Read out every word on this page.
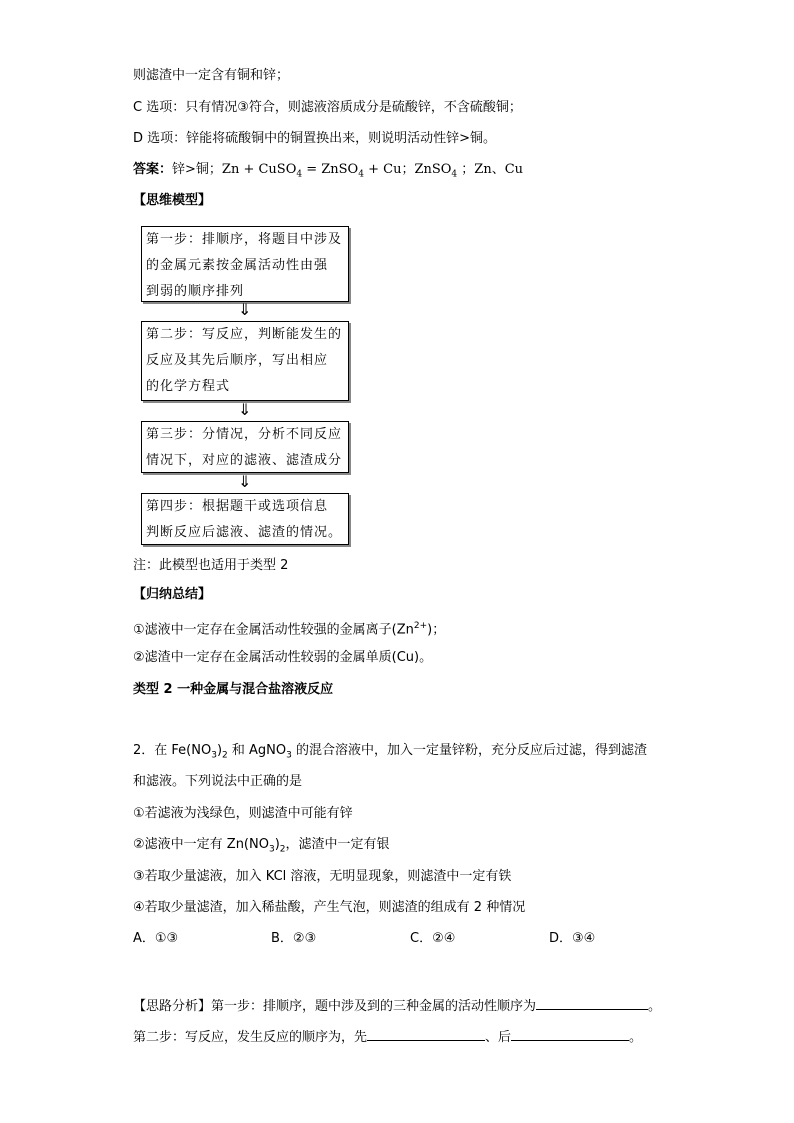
则滤渣中一定含有铜和锌；
C 选项：只有情况③符合，则滤液溶质成分是硫酸锌，不含硫酸铜；
D 选项：锌能将硫酸铜中的铜置换出来，则说明活动性锌>铜。
答案：锌>铜；Zn + CuSO$_4$ = ZnSO$_4$ + Cu；ZnSO$_4$ ；Zn、Cu
【思维模型】
第一步：排顺序，将题目中涉及
的金属元素按金属活动性由强
到弱的顺序排列
⇓
第二步：写反应，判断能发生的
反应及其先后顺序，写出相应
的化学方程式
⇓
第三步：分情况，分析不同反应
情况下，对应的滤液、滤渣成分
⇓
第四步：根据题干或选项信息
判断反应后滤液、滤渣的情况。
注：此模型也适用于类型 2
【归纳总结】
①滤液中一定存在金属活动性较强的金属离子$(Zn^{2+})$；
②滤渣中一定存在金属活动性较弱的金属单质(Cu)。
类型 2 一种金属与混合盐溶液反应
2．在 $Fe(NO_3)_2$ 和 AgNO$_3$ 的混合溶液中，加入一定量锌粉，充分反应后过滤，得到滤渣
和滤液。下列说法中正确的是
①若滤液为浅绿色，则滤渣中可能有锌
②滤液中一定有 $Zn(NO_3)_2$，滤渣中一定有银
③若取少量滤液，加入 KCl 溶液，无明显现象，则滤渣中一定有铁
④若取少量滤渣，加入稀盐酸，产生气泡，则滤渣的组成有 2 种情况
A．①③	B．②③	C．②④	D．③④
【思路分析】第一步：排顺序，题中涉及到的三种金属的活动性顺序为	。
第二步：写反应，发生反应的顺序为，先	、后	。
